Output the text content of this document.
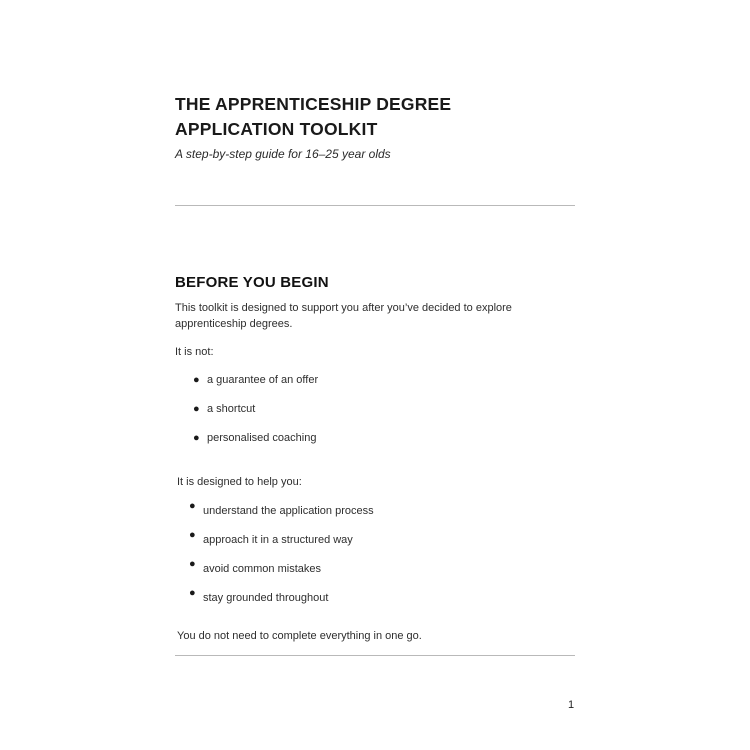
THE APPRENTICESHIP DEGREE
APPLICATION TOOLKIT
A step-by-step guide for 16–25 year olds
BEFORE YOU BEGIN
This toolkit is designed to support you after you’ve decided to explore apprenticeship degrees.
It is not:
● a guarantee of an offer
● a shortcut
● personalised coaching
It is designed to help you:
● understand the application process
● approach it in a structured way
● avoid common mistakes
● stay grounded throughout
You do not need to complete everything in one go.
1
